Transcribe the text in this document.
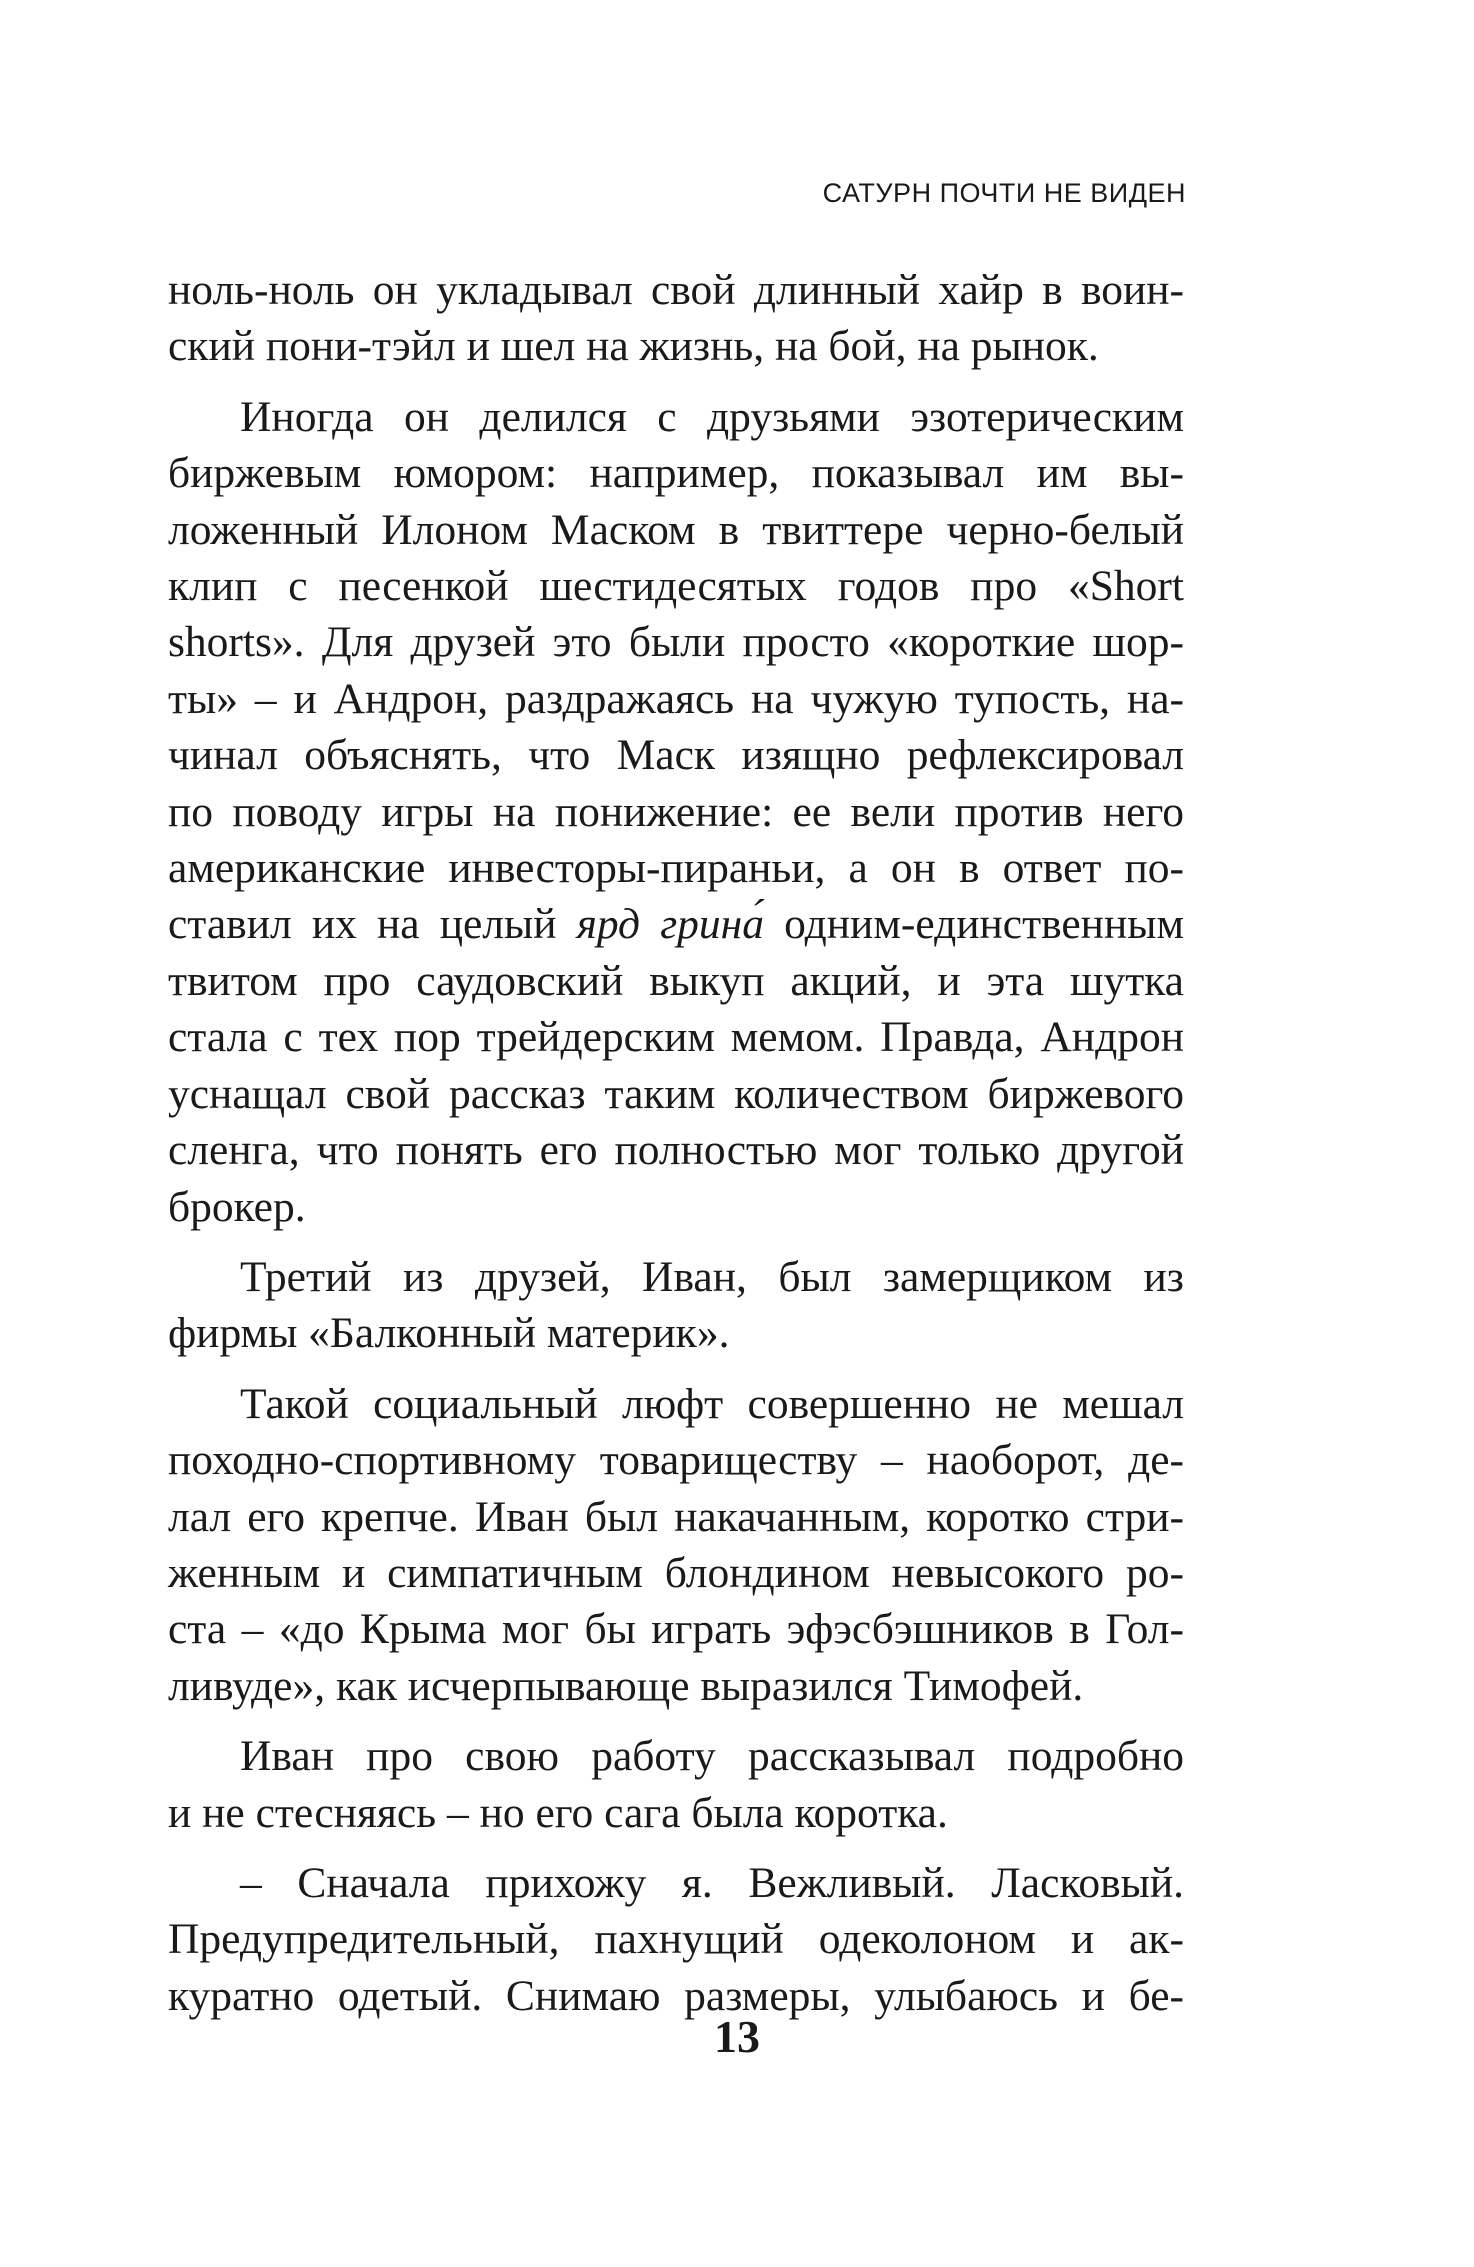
САТУРН ПОЧТИ НЕ ВИДЕН

ноль-ноль он укладывал свой длинный хайр в воин-
ский пони-тэйл и шел на жизнь, на бой, на рынок.

Иногда он делился с друзьями эзотерическим
биржевым юмором: например, показывал им вы-
ложенный Илоном Маском в твиттере черно-белый
клип с песенкой шестидесятых годов про «Short
shorts». Для друзей это были просто «короткие шор-
ты» – и Андрон, раздражаясь на чужую тупость, на-
чинал объяснять, что Маск изящно рефлексировал
по поводу игры на понижение: ее вели против него
американские инвесторы-пираньи, а он в ответ по-
ставил их на целый ярд грина́ одним-единственным
твитом про саудовский выкуп акций, и эта шутка
стала с тех пор трейдерским мемом. Правда, Андрон
уснащал свой рассказ таким количеством биржевого
сленга, что понять его полностью мог только другой
брокер.

Третий из друзей, Иван, был замерщиком из
фирмы «Балконный материк».

Такой социальный люфт совершенно не мешал
походно-спортивному товариществу – наоборот, де-
лал его крепче. Иван был накачанным, коротко стри-
женным и симпатичным блондином невысокого ро-
ста – «до Крыма мог бы играть эфэсбэшников в Гол-
ливуде», как исчерпывающе выразился Тимофей.

Иван про свою работу рассказывал подробно
и не стесняясь – но его сага была коротка.

– Сначала прихожу я. Вежливый. Ласковый.
Предупредительный, пахнущий одеколоном и ак-
куратно одетый. Снимаю размеры, улыбаюсь и бе-

13
